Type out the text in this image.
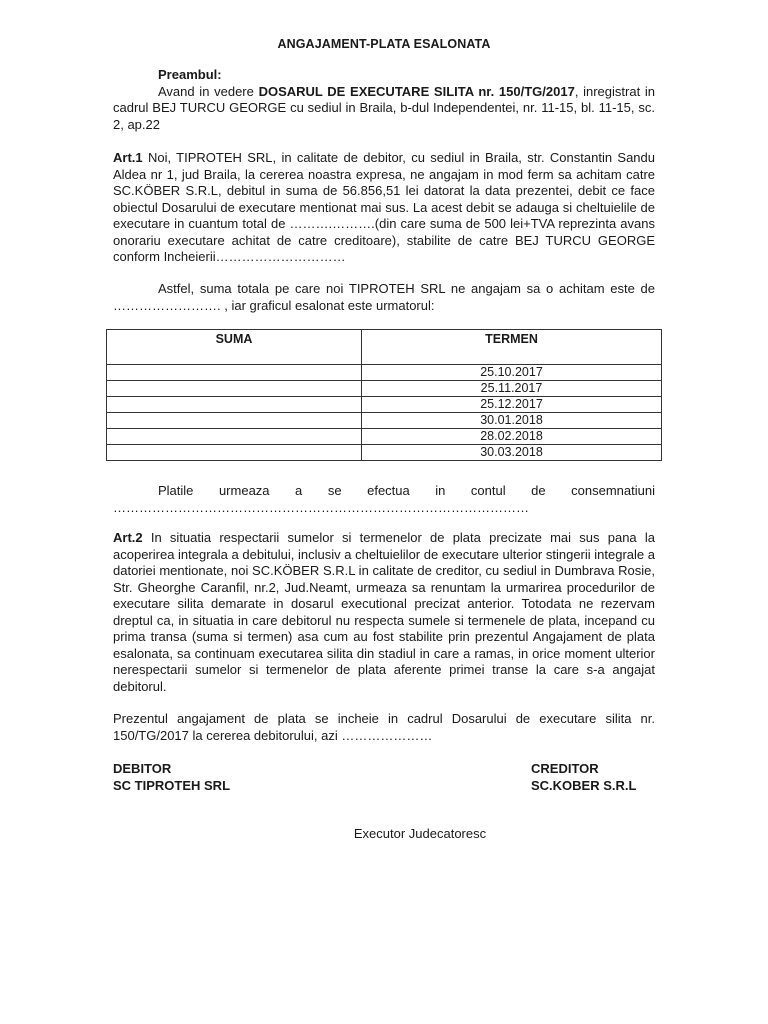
ANGAJAMENT-PLATA ESALONATA
Preambul:
Avand in vedere DOSARUL DE EXECUTARE SILITA nr. 150/TG/2017, inregistrat in cadrul BEJ TURCU GEORGE cu sediul in Braila, b-dul Independentei, nr. 11-15, bl. 11-15, sc. 2, ap.22
Art.1 Noi, TIPROTEH SRL, in calitate de debitor, cu sediul in Braila, str. Constantin Sandu Aldea nr 1, jud Braila, la cererea noastra expresa, ne angajam in mod ferm sa achitam catre SC.KÖBER S.R.L, debitul in suma de 56.856,51 lei datorat la data prezentei, debit ce face obiectul Dosarului de executare mentionat mai sus. La acest debit se adauga si cheltuielile de executare in cuantum total de ……….……….(din care suma de 500 lei+TVA reprezinta avans onorariu executare achitat de catre creditoare), stabilite de catre BEJ TURCU GEORGE conform Incheierii…………………………
Astfel, suma totala pe care noi TIPROTEH SRL ne angajam sa o achitam este de ……………………. , iar graficul esalonat este urmatorul:
SUMA	TERMEN
	25.10.2017
	25.11.2017
	25.12.2017
	30.01.2018
	28.02.2018
	30.03.2018
Platile urmeaza a se efectua in contul de consemnatiuni
……………………………………………………………………………………
Art.2 In situatia respectarii sumelor si termenelor de plata precizate mai sus pana la acoperirea integrala a debitului, inclusiv a cheltuielilor de executare ulterior stingerii integrale a datoriei mentionate, noi SC.KÖBER S.R.L in calitate de creditor, cu sediul in Dumbrava Rosie, Str. Gheorghe Caranfil, nr.2, Jud.Neamt, urmeaza sa renuntam la urmarirea procedurilor de executare silita demarate in dosarul executional precizat anterior. Totodata ne rezervam dreptul ca, in situatia in care debitorul nu respecta sumele si termenele de plata, incepand cu prima transa (suma si termen) asa cum au fost stabilite prin prezentul Angajament de plata esalonata, sa continuam executarea silita din stadiul in care a ramas, in orice moment ulterior nerespectarii sumelor si termenelor de plata aferente primei transe la care s-a angajat debitorul.
Prezentul angajament de plata se incheie in cadrul Dosarului de executare silita nr. 150/TG/2017 la cererea debitorului, azi …………………
DEBITOR
SC TIPROTEH SRL
CREDITOR
SC.KOBER S.R.L
Executor Judecatoresc
